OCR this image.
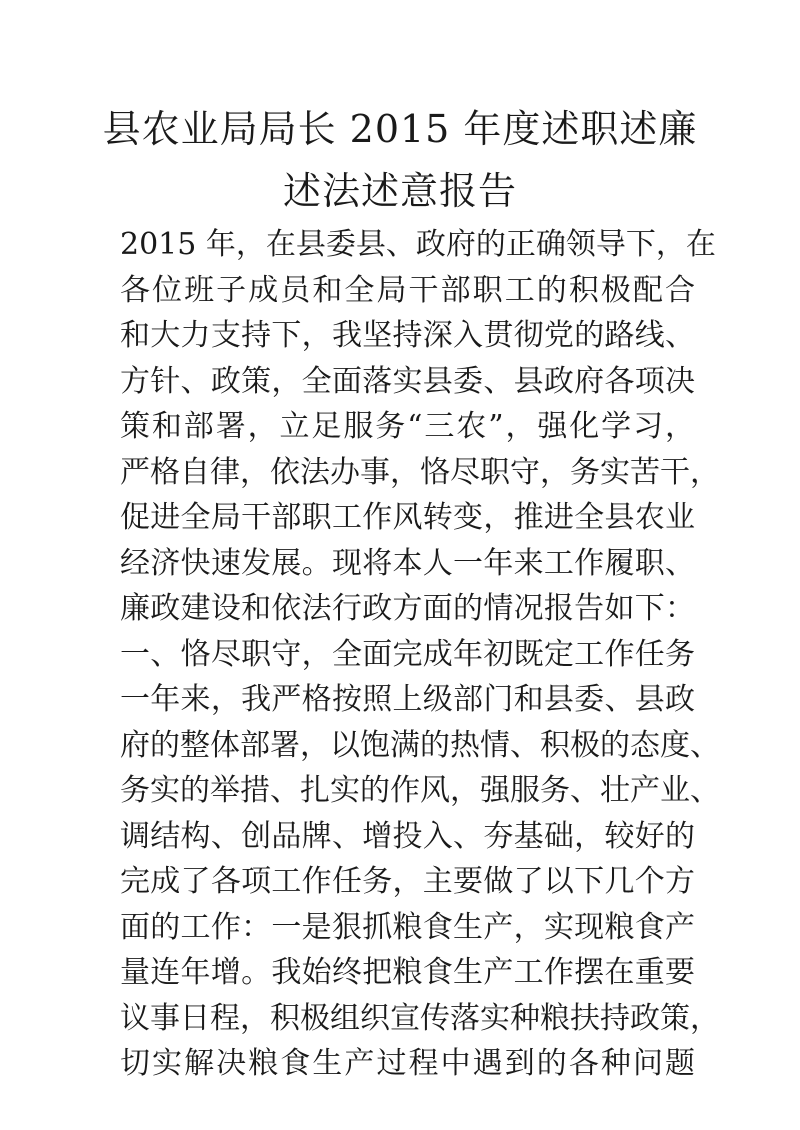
县农业局局长 2015 年度述职述廉
述法述意报告
2015 年，在县委县、政府的正确领导下，在
各位班子成员和全局干部职工的积极配合
和大力支持下，我坚持深入贯彻党的路线、
方针、政策，全面落实县委、县政府各项决
策和部署，立足服务“三农”，强化学习，
严格自律，依法办事，恪尽职守，务实苦干，
促进全局干部职工作风转变，推进全县农业
经济快速发展。现将本人一年来工作履职、
廉政建设和依法行政方面的情况报告如下：
一、恪尽职守，全面完成年初既定工作任务
一年来，我严格按照上级部门和县委、县政
府的整体部署，以饱满的热情、积极的态度、
务实的举措、扎实的作风，强服务、壮产业、
调结构、创品牌、增投入、夯基础，较好的
完成了各项工作任务，主要做了以下几个方
面的工作：一是狠抓粮食生产，实现粮食产
量连年增。我始终把粮食生产工作摆在重要
议事日程，积极组织宣传落实种粮扶持政策，
切实解决粮食生产过程中遇到的各种问题
